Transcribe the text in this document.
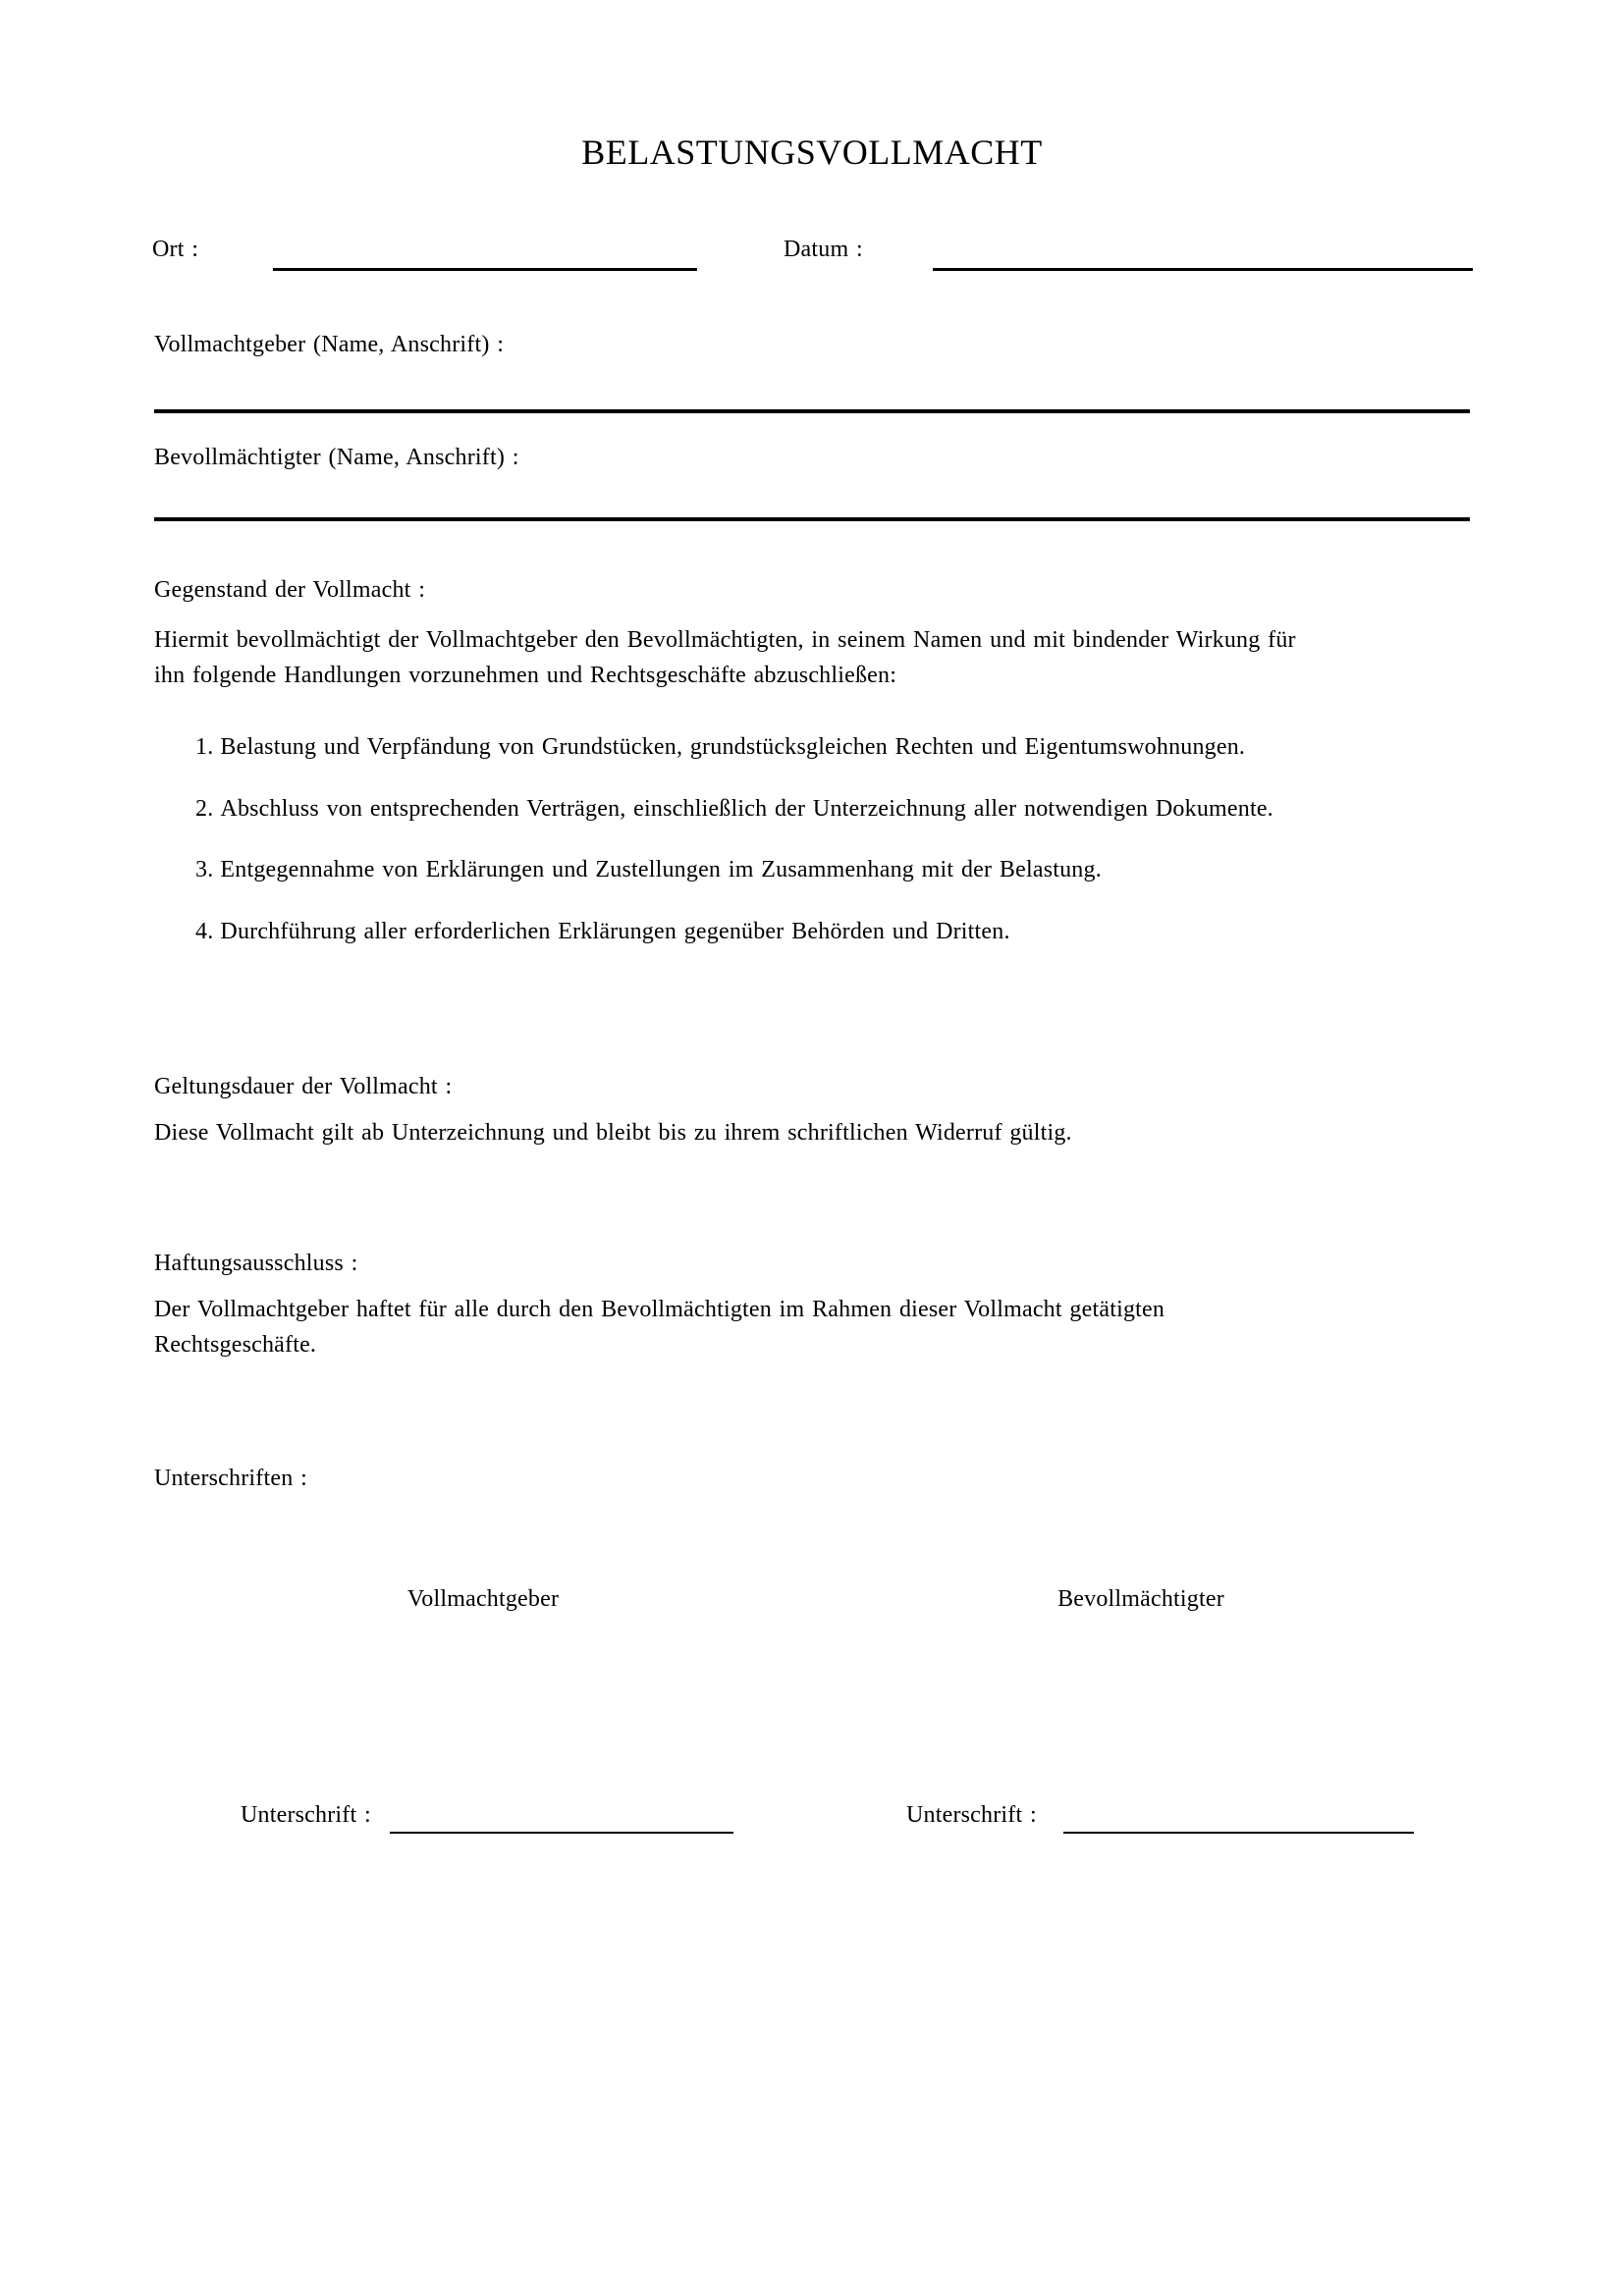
BELASTUNGSVOLLMACHT
Ort :	Datum :
Vollmachtgeber (Name, Anschrift) :
Bevollmächtigter (Name, Anschrift) :
Gegenstand der Vollmacht :
Hiermit bevollmächtigt der Vollmachtgeber den Bevollmächtigten, in seinem Namen und mit bindender Wirkung für
ihn folgende Handlungen vorzunehmen und Rechtsgeschäfte abzuschließen:
1. Belastung und Verpfändung von Grundstücken, grundstücksgleichen Rechten und Eigentumswohnungen.
2. Abschluss von entsprechenden Verträgen, einschließlich der Unterzeichnung aller notwendigen Dokumente.
3. Entgegennahme von Erklärungen und Zustellungen im Zusammenhang mit der Belastung.
4. Durchführung aller erforderlichen Erklärungen gegenüber Behörden und Dritten.
Geltungsdauer der Vollmacht :
Diese Vollmacht gilt ab Unterzeichnung und bleibt bis zu ihrem schriftlichen Widerruf gültig.
Haftungsausschluss :
Der Vollmachtgeber haftet für alle durch den Bevollmächtigten im Rahmen dieser Vollmacht getätigten
Rechtsgeschäfte.
Unterschriften :
Vollmachtgeber	Bevollmächtigter
Unterschrift :	Unterschrift :
